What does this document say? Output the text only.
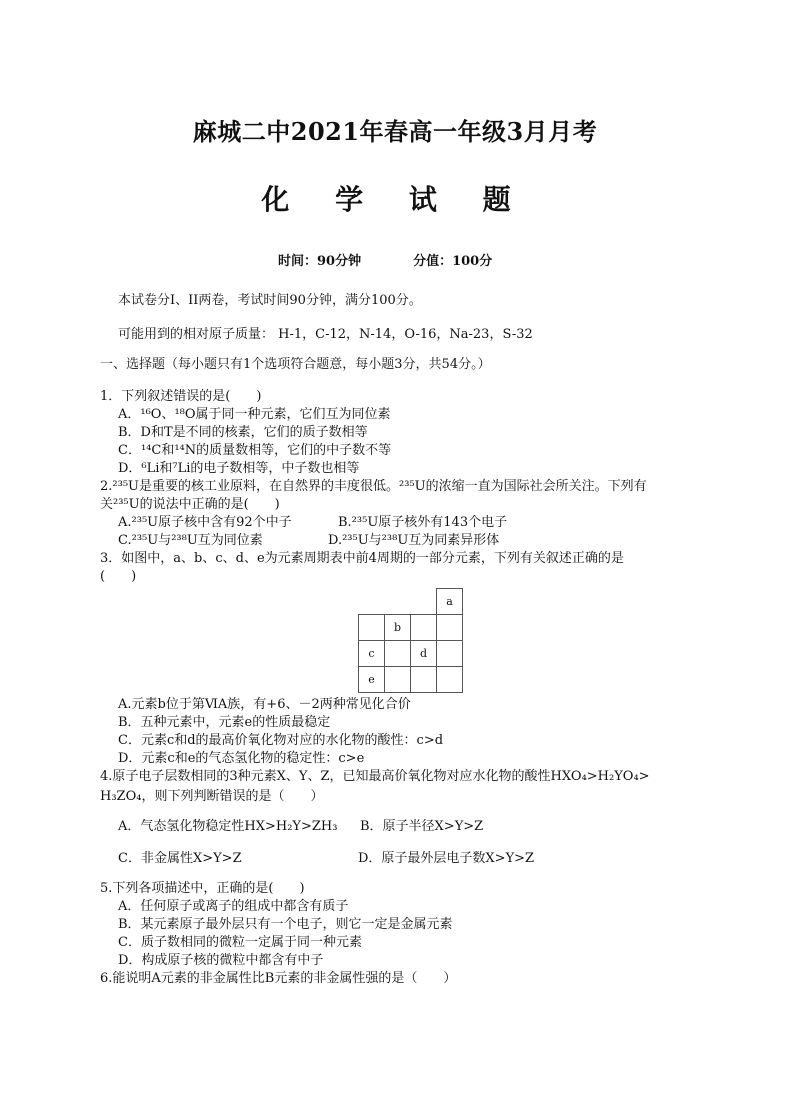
麻城二中2021年春高一年级3月月考
化 学 试 题
时间：90分钟	分值：100分
本试卷分I、II两卷，考试时间90分钟，满分100分。
可能用到的相对原子质量： H-1，C-12，N-14，O-16，Na-23，S-32
一、选择题（每小题只有1个选项符合题意，每小题3分，共54分。）
1．下列叙述错误的是(　　)
A．¹⁶O、¹⁸O属于同一种元素，它们互为同位素
B．D和T是不同的核素，它们的质子数相等
C．¹⁴C和¹⁴N的质量数相等，它们的中子数不等
D．⁶Li和⁷Li的电子数相等，中子数也相等
2.²³⁵U是重要的核工业原料，在自然界的丰度很低。²³⁵U的浓缩一直为国际社会所关注。下列有
关²³⁵U的说法中正确的是(　　)
A.²³⁵U原子核中含有92个中子	B.²³⁵U原子核外有143个电子
C.²³⁵U与²³⁸U互为同位素	D.²³⁵U与²³⁸U互为同素异形体
3．如图中，a、b、c、d、e为元素周期表中前4周期的一部分元素，下列有关叙述正确的是
(　　)
			a
	b		
c		d	
e			
A.元素b位于第ⅥA族，有+6、－2两种常见化合价
B．五种元素中，元素e的性质最稳定
C．元素c和d的最高价氧化物对应的水化物的酸性：c>d
D．元素c和e的气态氢化物的稳定性：c>e
4.原子电子层数相同的3种元素X、Y、Z，已知最高价氧化物对应水化物的酸性HXO₄>H₂YO₄>
H₃ZO₄，则下列判断错误的是（　　）
A．气态氢化物稳定性HX>H₂Y>ZH₃ B．原子半径X>Y>Z
C．非金属性X>Y>Z	D．原子最外层电子数X>Y>Z
5.下列各项描述中，正确的是(　　)
A．任何原子或离子的组成中都含有质子
B．某元素原子最外层只有一个电子，则它一定是金属元素
C．质子数相同的微粒一定属于同一种元素
D．构成原子核的微粒中都含有中子
6.能说明A元素的非金属性比B元素的非金属性强的是（　　）
